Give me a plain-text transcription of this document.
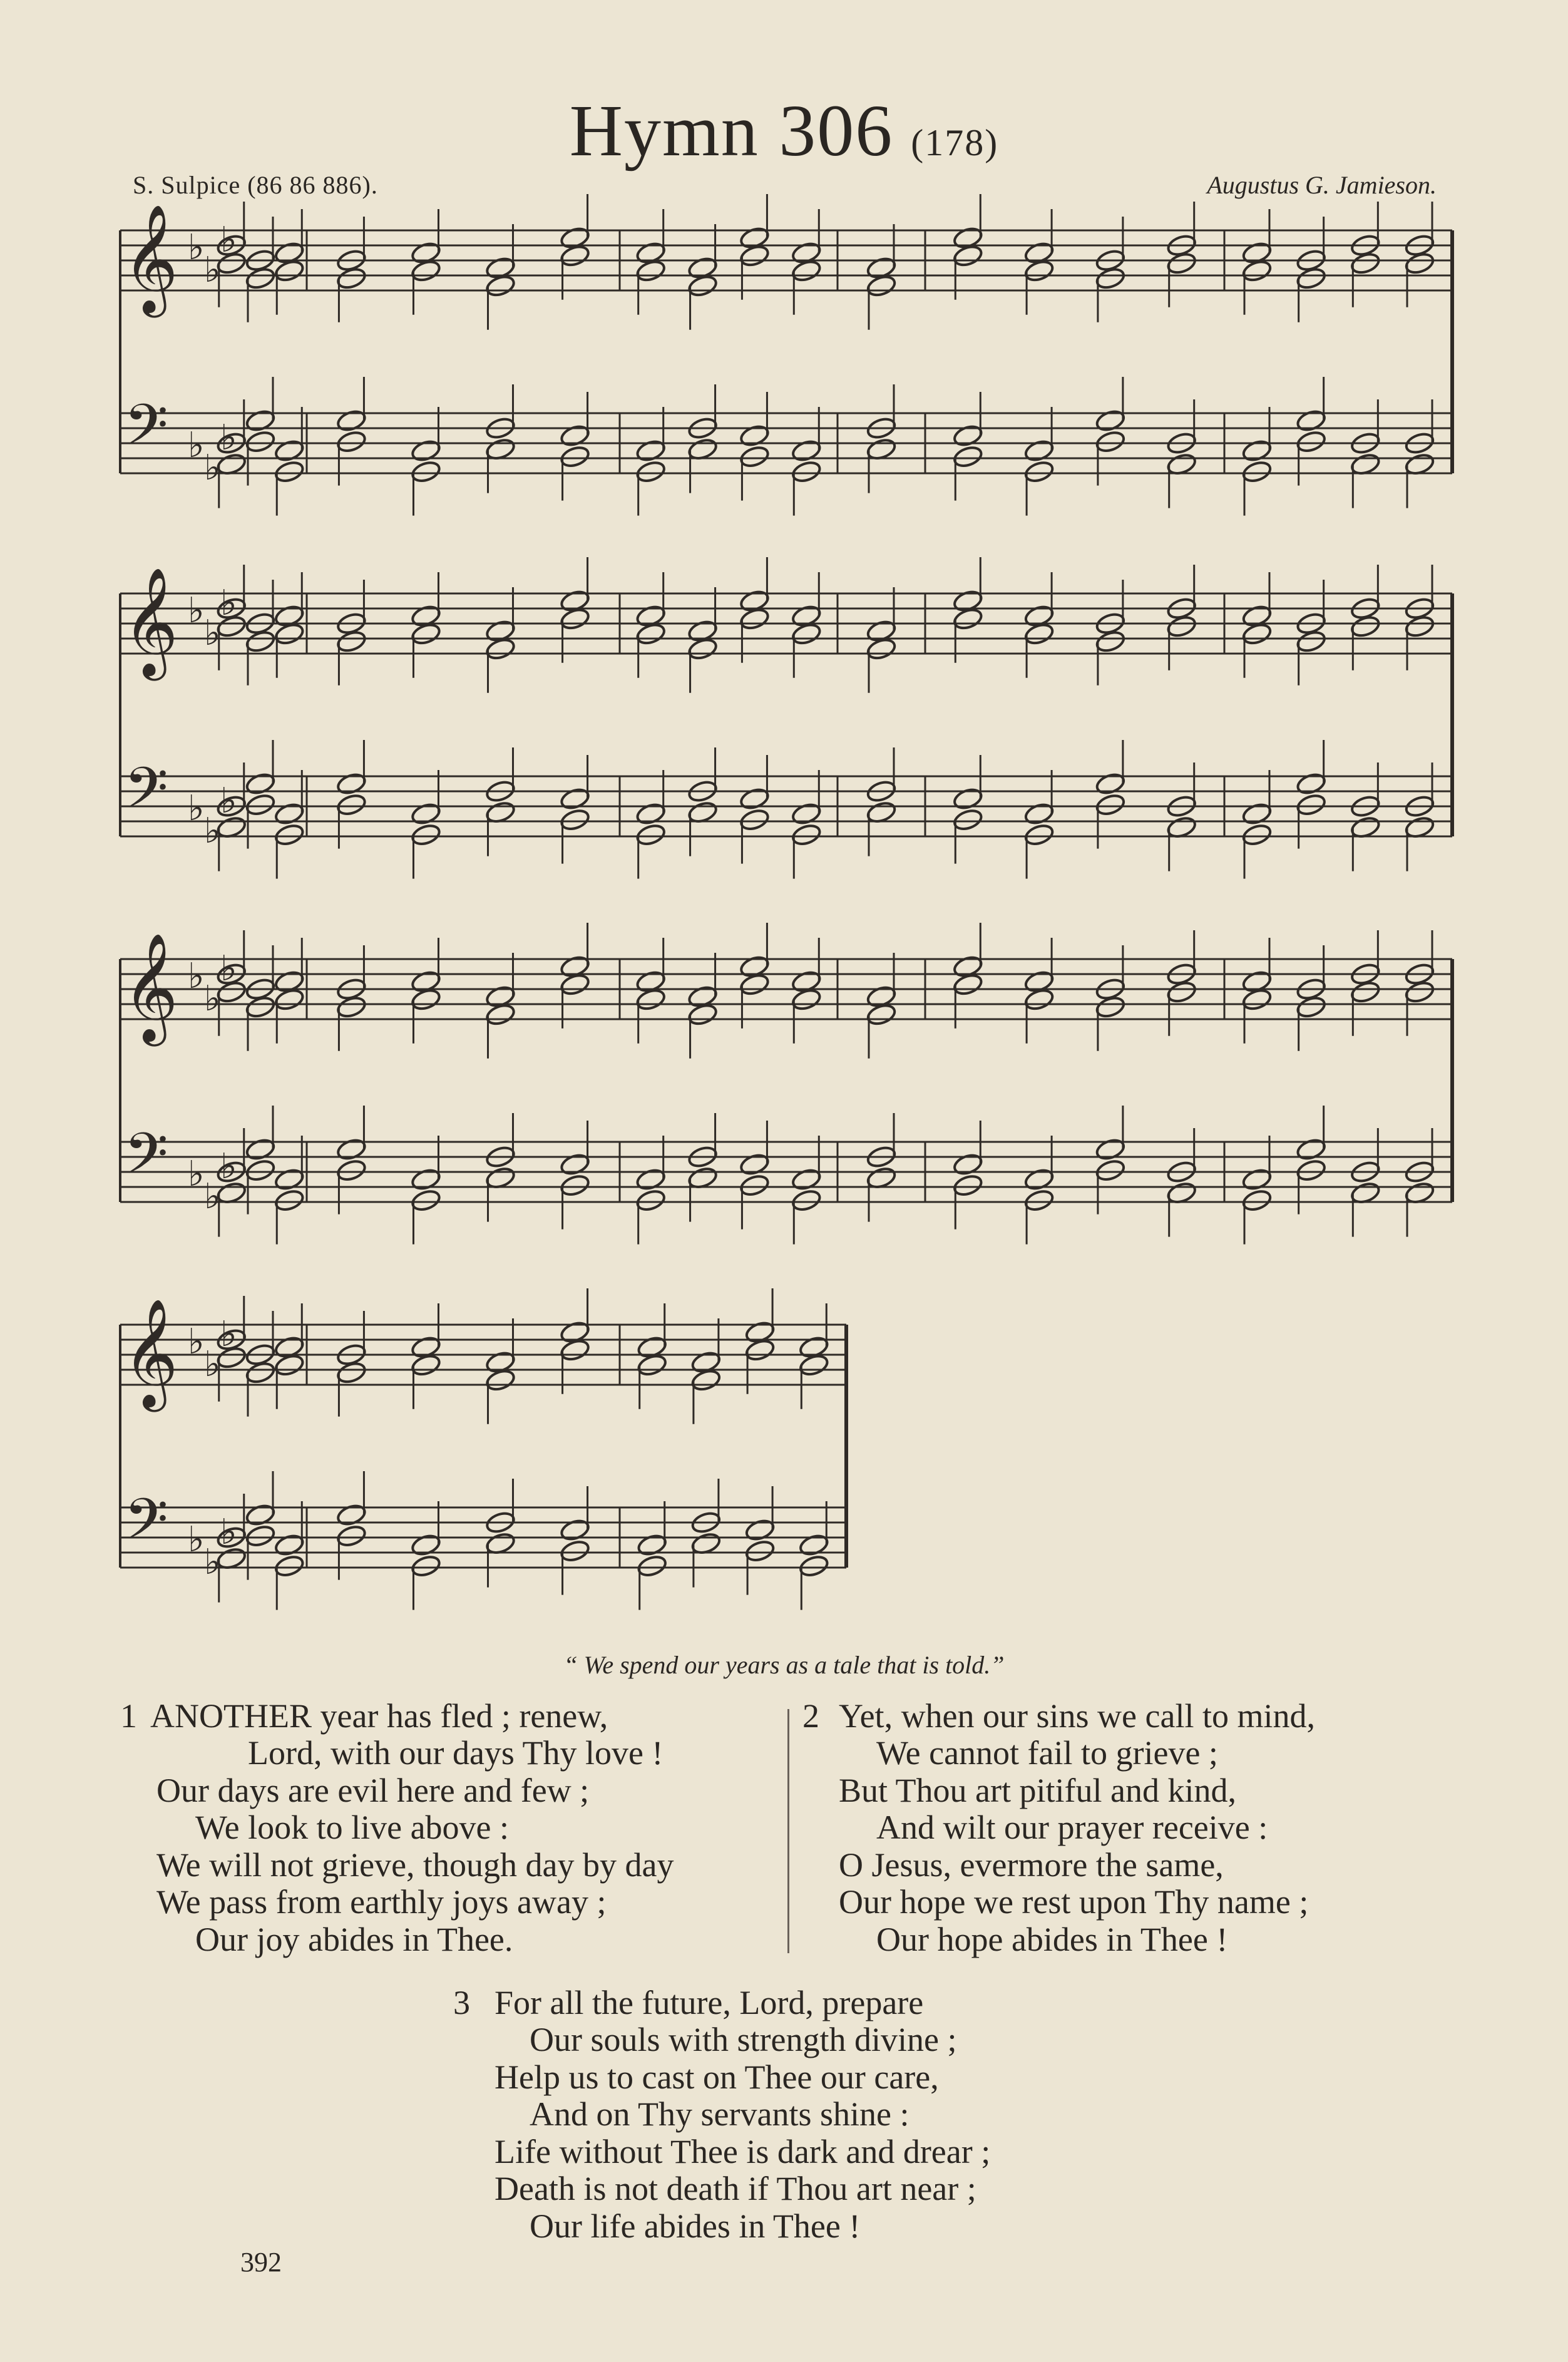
Hymn 306 (178)
S. Sulpice (86 86 886).	Augustus G. Jamieson.
𝄞
𝄢
♭
♭
♭
♭
♭
♭
𝄞
𝄢
♭
♭
♭
♭
♭
♭
𝄞
𝄢
♭
♭
♭
♭
♭
♭
𝄞
𝄢
♭
♭
♭
♭
♭
♭
“ We spend our years as a tale that is told.”
1 ANOTHER year has fled ; renew,
Lord, with our days Thy love !
Our days are evil here and few ;
We look to live above :
We will not grieve, though day by day
We pass from earthly joys away ;
Our joy abides in Thee.
2 Yet, when our sins we call to mind,
We cannot fail to grieve ;
But Thou art pitiful and kind,
And wilt our prayer receive :
O Jesus, evermore the same,
Our hope we rest upon Thy name ;
Our hope abides in Thee !
3 For all the future, Lord, prepare
Our souls with strength divine ;
Help us to cast on Thee our care,
And on Thy servants shine :
Life without Thee is dark and drear ;
Death is not death if Thou art near ;
Our life abides in Thee !
392
